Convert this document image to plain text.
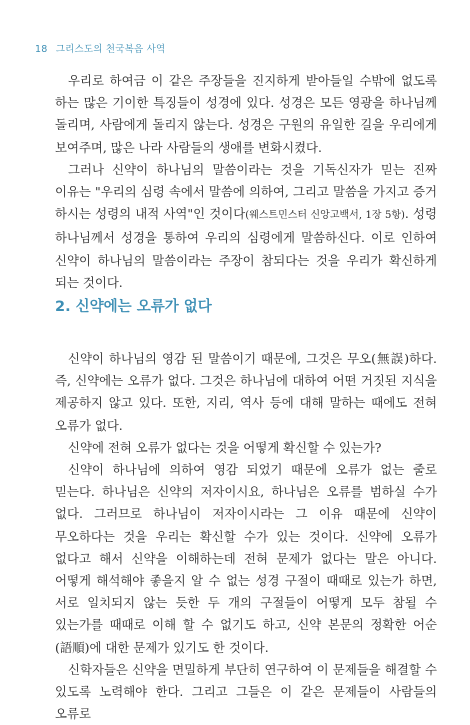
18 그리스도의 천국복음 사역

우리로 하여금 이 같은 주장들을 진지하게 받아들일 수밖에 없도록 하는 많은 기이한 특징들이 성경에 있다. 성경은 모든 영광을 하나님께 돌리며, 사람에게 돌리지 않는다. 성경은 구원의 유일한 길을 우리에게 보여주며, 많은 나라 사람들의 생애를 변화시켰다.

그러나 신약이 하나님의 말씀이라는 것을 기독신자가 믿는 진짜 이유는 "우리의 심령 속에서 말씀에 의하여, 그리고 말씀을 가지고 증거 하시는 성령의 내적 사역"인 것이다(웨스트민스터 신앙고백서, 1장 5항). 성령 하나님께서 성경을 통하여 우리의 심령에게 말씀하신다. 이로 인하여 신약이 하나님의 말씀이라는 주장이 참되다는 것을 우리가 확신하게 되는 것이다.

2. 신약에는 오류가 없다

신약이 하나님의 영감 된 말씀이기 때문에, 그것은 무오(無誤)하다. 즉, 신약에는 오류가 없다. 그것은 하나님에 대하여 어떤 거짓된 지식을 제공하지 않고 있다. 또한, 지리, 역사 등에 대해 말하는 때에도 전혀 오류가 없다.

신약에 전혀 오류가 없다는 것을 어떻게 확신할 수 있는가?

신약이 하나님에 의하여 영감 되었기 때문에 오류가 없는 줄로 믿는다. 하나님은 신약의 저자이시요, 하나님은 오류를 범하실 수가 없다. 그러므로 하나님이 저자이시라는 그 이유 때문에 신약이 무오하다는 것을 우리는 확신할 수가 있는 것이다. 신약에 오류가 없다고 해서 신약을 이해하는데 전혀 문제가 없다는 말은 아니다. 어떻게 해석해야 좋을지 알 수 없는 성경 구절이 때때로 있는가 하면, 서로 일치되지 않는 듯한 두 개의 구절들이 어떻게 모두 참될 수 있는가를 때때로 이해 할 수 없기도 하고, 신약 본문의 정확한 어순(語順)에 대한 문제가 있기도 한 것이다.

신학자들은 신약을 면밀하게 부단히 연구하여 이 문제들을 해결할 수 있도록 노력해야 한다. 그리고 그들은 이 같은 문제들이 사람들의 오류로
